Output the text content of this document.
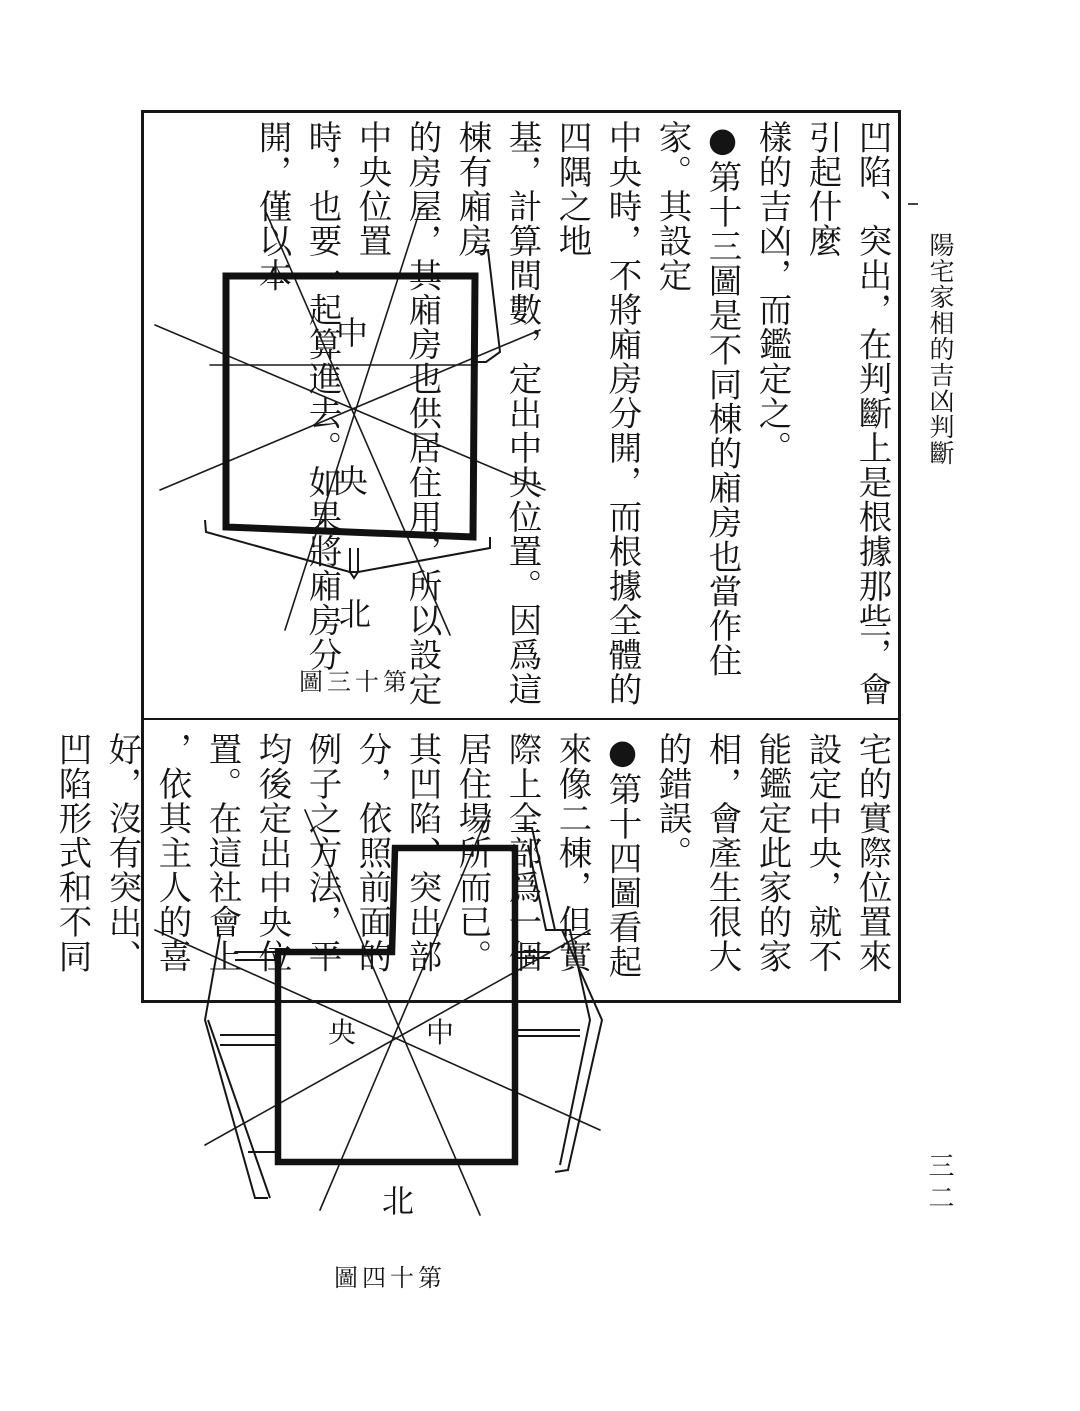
陽宅家相的吉凶判斷
三二
凹陷、突出，在判斷上是根據那些，會引起什麼
樣的吉凶，而鑑定之。
●第十三圖是不同棟的廂房也當作住家。其設定
中央時，不將廂房分開，而根據全體的四隅之地
基，計算間數，定出中央位置。因爲這棟有廂房
的房屋，其廂房也供居住用，所以設定中央位置
時，也要一起算進去。如果將廂房分開，僅以本
中
央
北
圖三十第
宅的實際位置來設定中央，就不能鑑定此家的家
相，會產生很大的錯誤。
●第十四圖看起來像二棟，但實際上全部爲一個
居住場所而已。其凹陷、突出部分，依照前面的
例子之方法，平均後定出中央位置。在這社會上
，依其主人的喜好，沒有突出、凹陷形式和不同
央 中
北
圖四十第
